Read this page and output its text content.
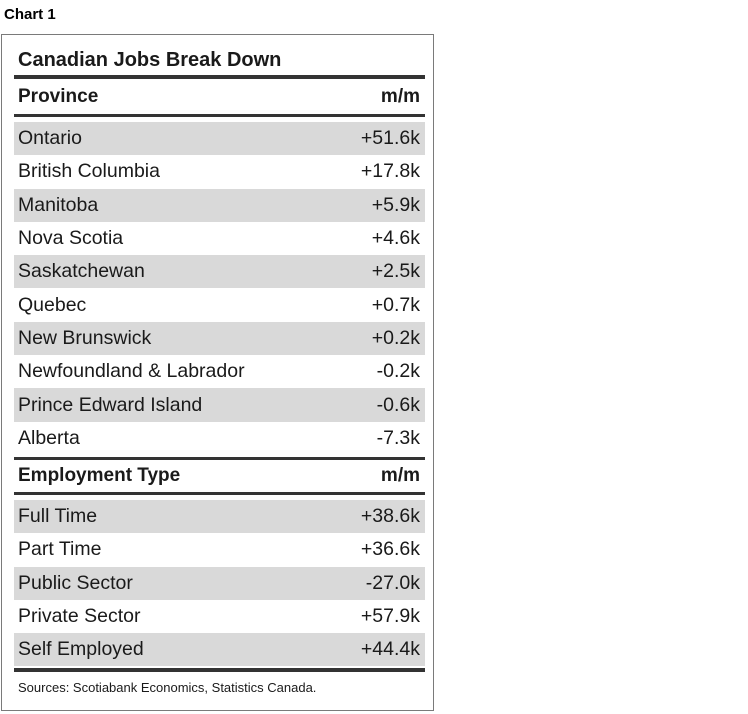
Chart 1
Canadian Jobs Break Down
Province	m/m
Ontario	+51.6k
British Columbia	+17.8k
Manitoba	+5.9k
Nova Scotia	+4.6k
Saskatchewan	+2.5k
Quebec	+0.7k
New Brunswick	+0.2k
Newfoundland & Labrador	-0.2k
Prince Edward Island	-0.6k
Alberta	-7.3k
Employment Type	m/m
Full Time	+38.6k
Part Time	+36.6k
Public Sector	-27.0k
Private Sector	+57.9k
Self Employed	+44.4k
Sources: Scotiabank Economics, Statistics Canada.
